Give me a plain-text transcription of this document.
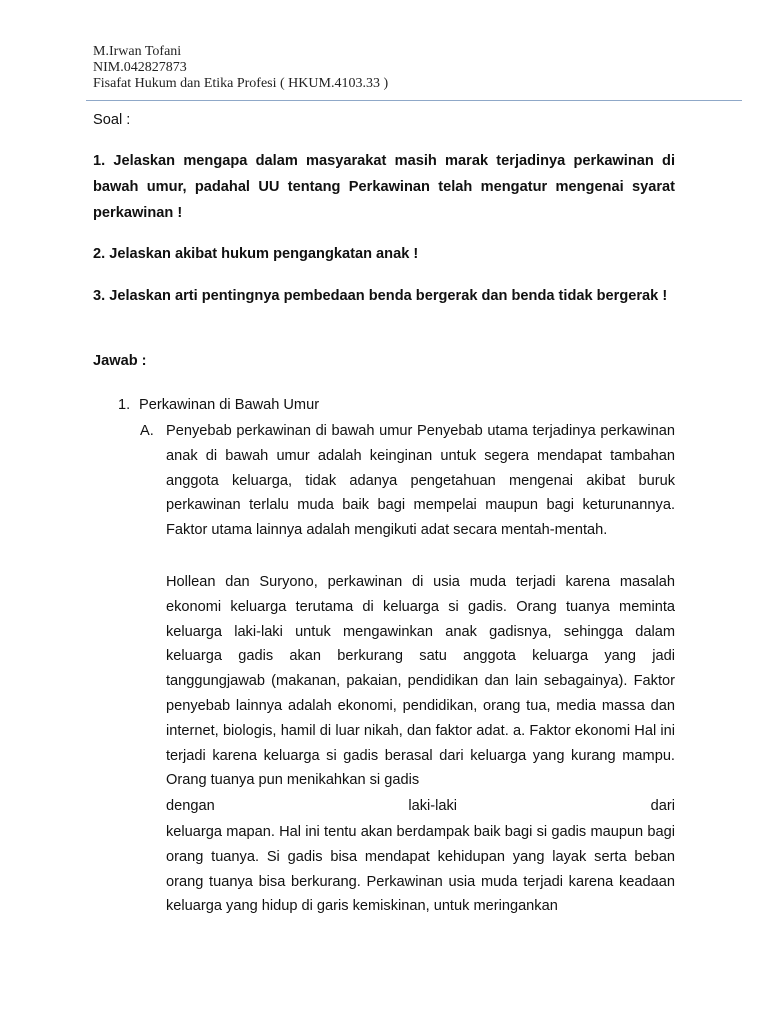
M.Irwan Tofani
NIM.042827873
Fisafat Hukum dan Etika Profesi ( HKUM.4103.33 )
Soal :
1. Jelaskan mengapa dalam masyarakat masih marak terjadinya perkawinan di bawah umur, padahal UU tentang Perkawinan telah mengatur mengenai syarat perkawinan !
2. Jelaskan akibat hukum pengangkatan anak !
3. Jelaskan arti pentingnya pembedaan benda bergerak dan benda tidak bergerak !
Jawab :
1. Perkawinan di Bawah Umur
A. Penyebab perkawinan di bawah umur Penyebab utama terjadinya perkawinan anak di bawah umur adalah keinginan untuk segera mendapat tambahan anggota keluarga, tidak adanya pengetahuan mengenai akibat buruk perkawinan terlalu muda baik bagi mempelai maupun bagi keturunannya. Faktor utama lainnya adalah mengikuti adat secara mentah-mentah.
Hollean dan Suryono, perkawinan di usia muda terjadi karena masalah ekonomi keluarga terutama di keluarga si gadis. Orang tuanya meminta keluarga laki-laki untuk mengawinkan anak gadisnya, sehingga dalam keluarga gadis akan berkurang satu anggota keluarga yang jadi tanggungjawab (makanan, pakaian, pendidikan dan lain sebagainya). Faktor penyebab lainnya adalah ekonomi, pendidikan, orang tua, media massa dan internet, biologis, hamil di luar nikah, dan faktor adat. a. Faktor ekonomi Hal ini terjadi karena keluarga si gadis berasal dari keluarga yang kurang mampu. Orang tuanya pun menikahkan si gadis
dengan laki-laki dari
keluarga mapan. Hal ini tentu akan berdampak baik bagi si gadis maupun bagi orang tuanya. Si gadis bisa mendapat kehidupan yang layak serta beban orang tuanya bisa berkurang. Perkawinan usia muda terjadi karena keadaan keluarga yang hidup di garis kemiskinan, untuk meringankan
